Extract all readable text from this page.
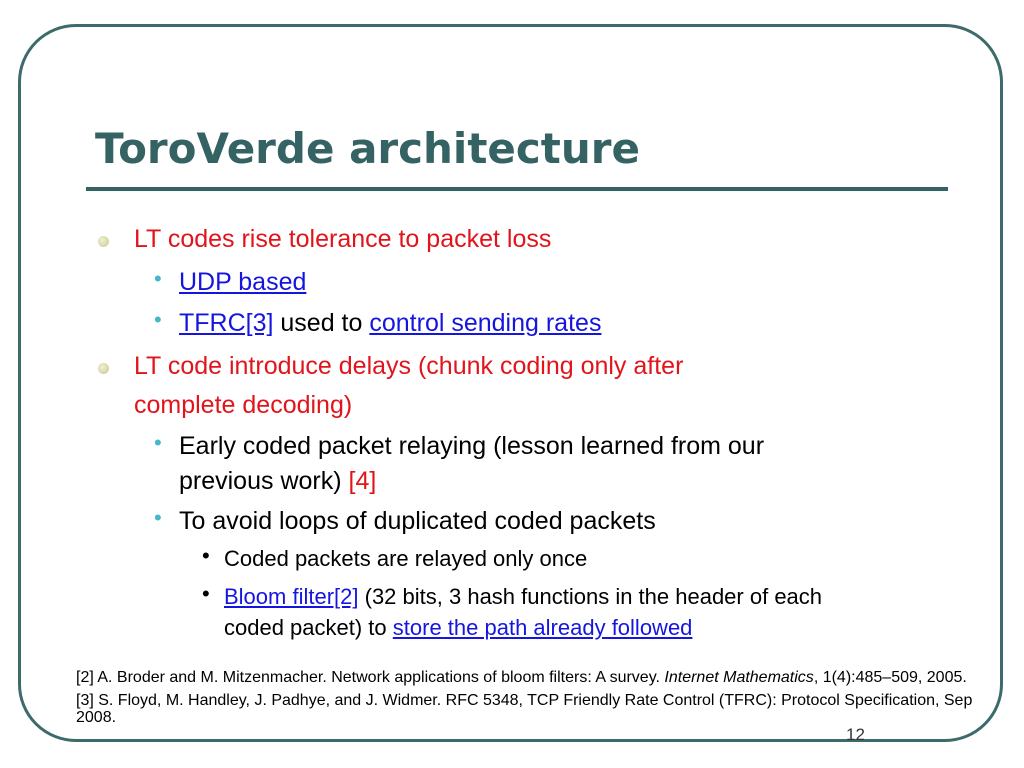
ToroVerde architecture
LT codes rise tolerance to packet loss
• UDP based
• TFRC[3] used to control sending rates
LT code introduce delays (chunk coding only after
complete decoding)
• Early coded packet relaying (lesson learned from our
previous work) [4]
• To avoid loops of duplicated coded packets
• Coded packets are relayed only once
• Bloom filter[2] (32 bits, 3 hash functions in the header of each
coded packet) to store the path already followed

[2] A. Broder and M. Mitzenmacher. Network applications of bloom filters: A survey. Internet Mathematics, 1(4):485–509, 2005.

[3] S. Floyd, M. Handley, J. Padhye, and J. Widmer. RFC 5348, TCP Friendly Rate Control (TFRC): Protocol Specification, Sep 2008.

12
